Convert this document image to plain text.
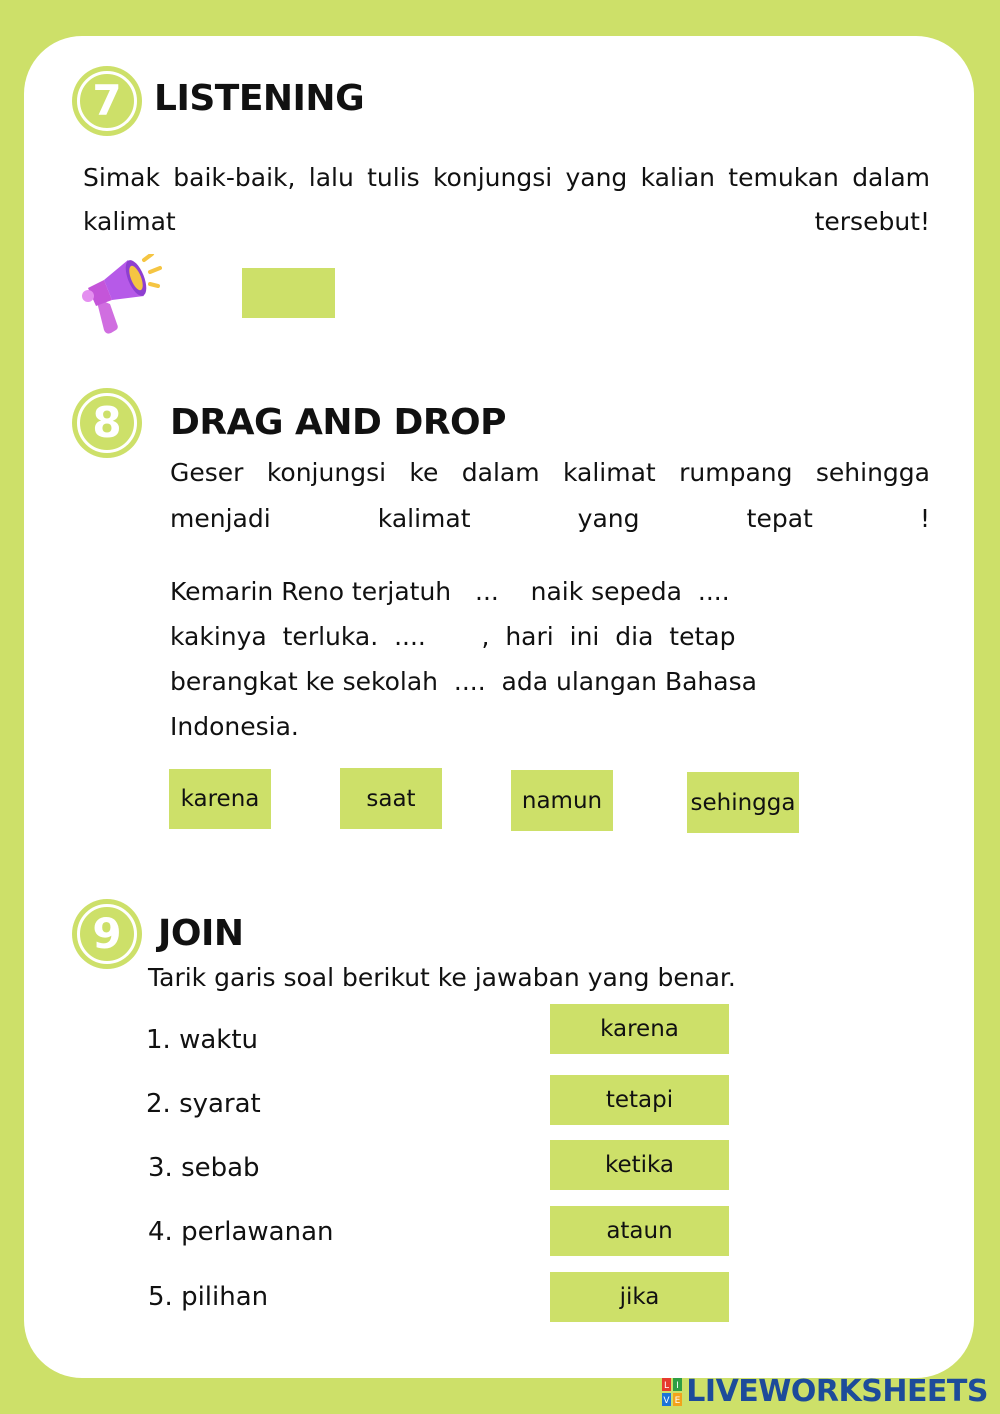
7 LISTENING

Simak baik-baik, lalu tulis konjungsi yang kalian temukan dalam kalimat tersebut!

8	DRAG AND DROP

Geser konjungsi ke dalam kalimat rumpang sehingga menjadi kalimat yang tepat !

Kemarin Reno terjatuh   ...    naik sepeda  ....
kakinya  terluka.  ....       ,  hari  ini  dia  tetap
berangkat ke sekolah  ....  ada ulangan Bahasa
Indonesia.
karena	saat	namun	sehingga
9	JOIN

Tarik garis soal berikut ke jawaban yang benar.

1. waktu
2. syarat
3. sebab
4. perlawanan
5. pilihan
karena
tetapi
ketika
ataun
jika
L I
V E LIVEWORKSHEETS
